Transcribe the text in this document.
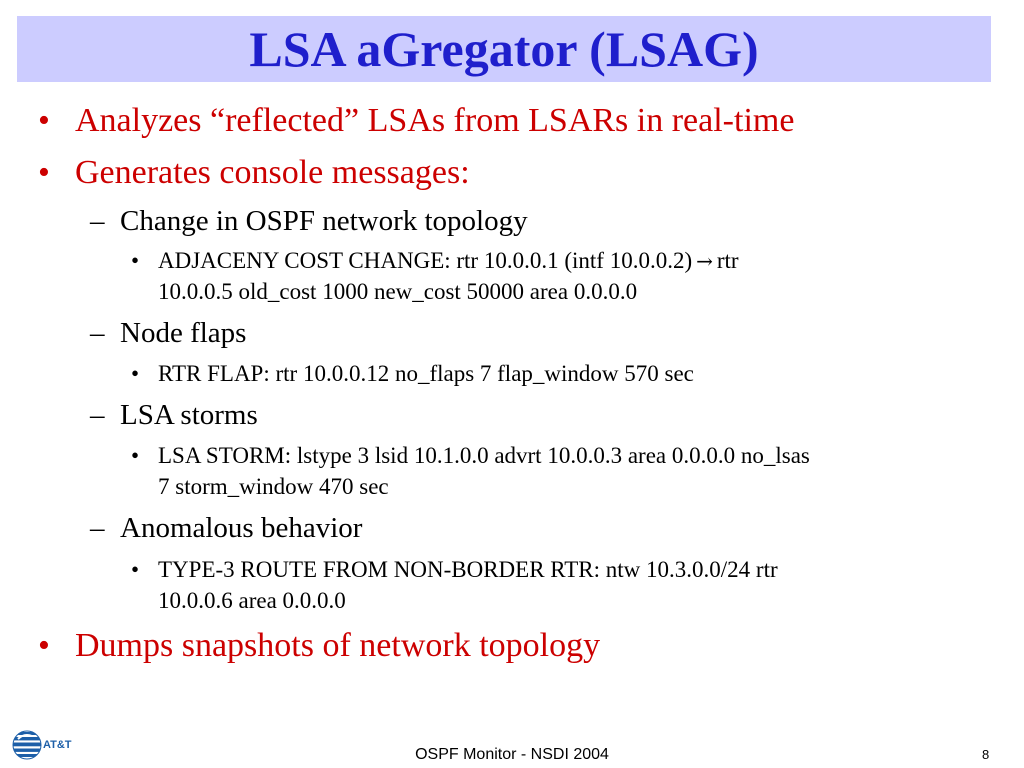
LSA aGregator (LSAG)
• Analyzes “reflected” LSAs from LSARs in real-time
• Generates console messages:
– Change in OSPF network topology
• ADJACENY COST CHANGE: rtr 10.0.0.1 (intf 10.0.0.2) → rtr
10.0.0.5 old_cost 1000 new_cost 50000 area 0.0.0.0
– Node flaps
• RTR FLAP: rtr 10.0.0.12 no_flaps 7 flap_window 570 sec
– LSA storms
• LSA STORM: lstype 3 lsid 10.1.0.0 advrt 10.0.0.3 area 0.0.0.0 no_lsas
7 storm_window 470 sec
– Anomalous behavior
• TYPE-3 ROUTE FROM NON-BORDER RTR: ntw 10.3.0.0/24 rtr
10.0.0.6 area 0.0.0.0
• Dumps snapshots of network topology
AT&T
OSPF Monitor - NSDI 2004	8
